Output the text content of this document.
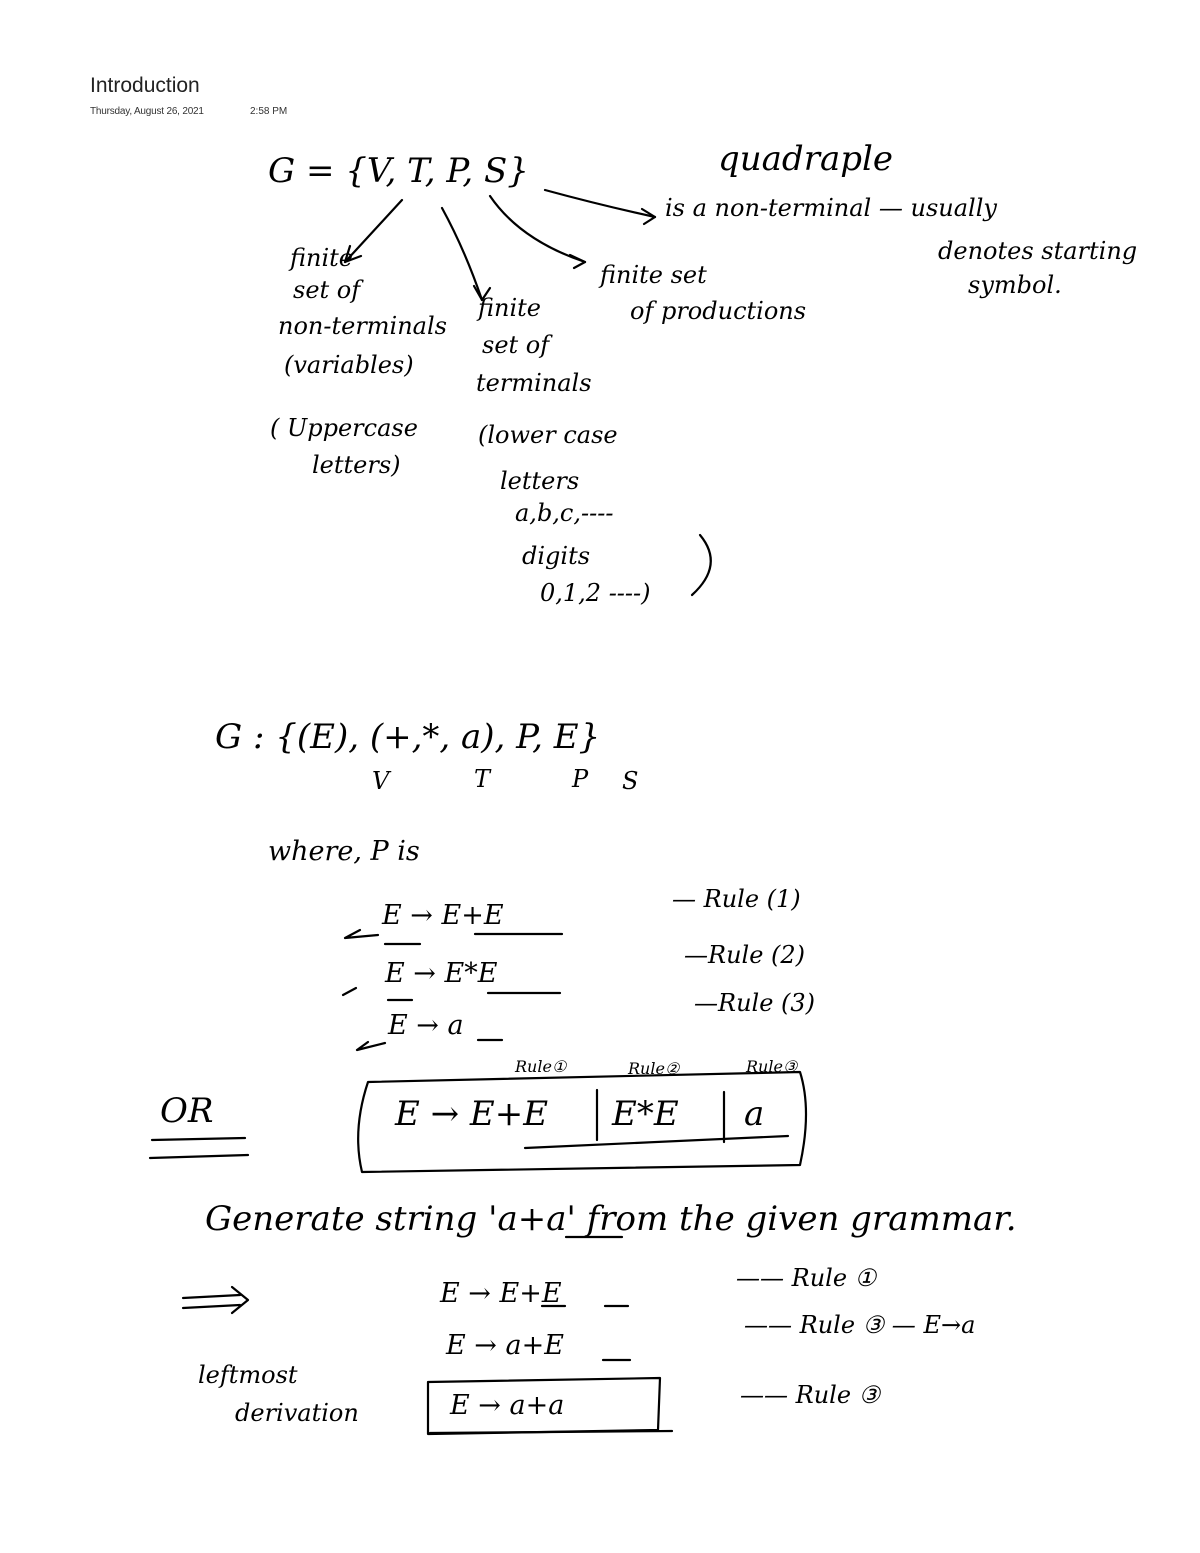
Introduction
Thursday, August 26, 2021	2:58 PM
G = {V, T, P, S}	quadraple
is a non-terminal — usually
denotes starting
symbol.
finite
set of
non-terminals
(variables)
( Uppercase
letters)
finite
set of
terminals
(lower case
letters
a,b,c,----
digits
0,1,2 ----)
finite set
of productions
G : {(E), (+,*, a), P, E}
V	T	P S
where, P is
E → E+E
— Rule (1)
E → E*E
—Rule (2)
E → a
—Rule (3)
OR
Rule①	Rule②	Rule③
E → E+E E*E a
Generate string 'a+a' from the given grammar.
E → E+E	—— Rule ①
E → a+E
—— Rule ③ — E→a
E → a+a	—— Rule ③
leftmost
derivation
